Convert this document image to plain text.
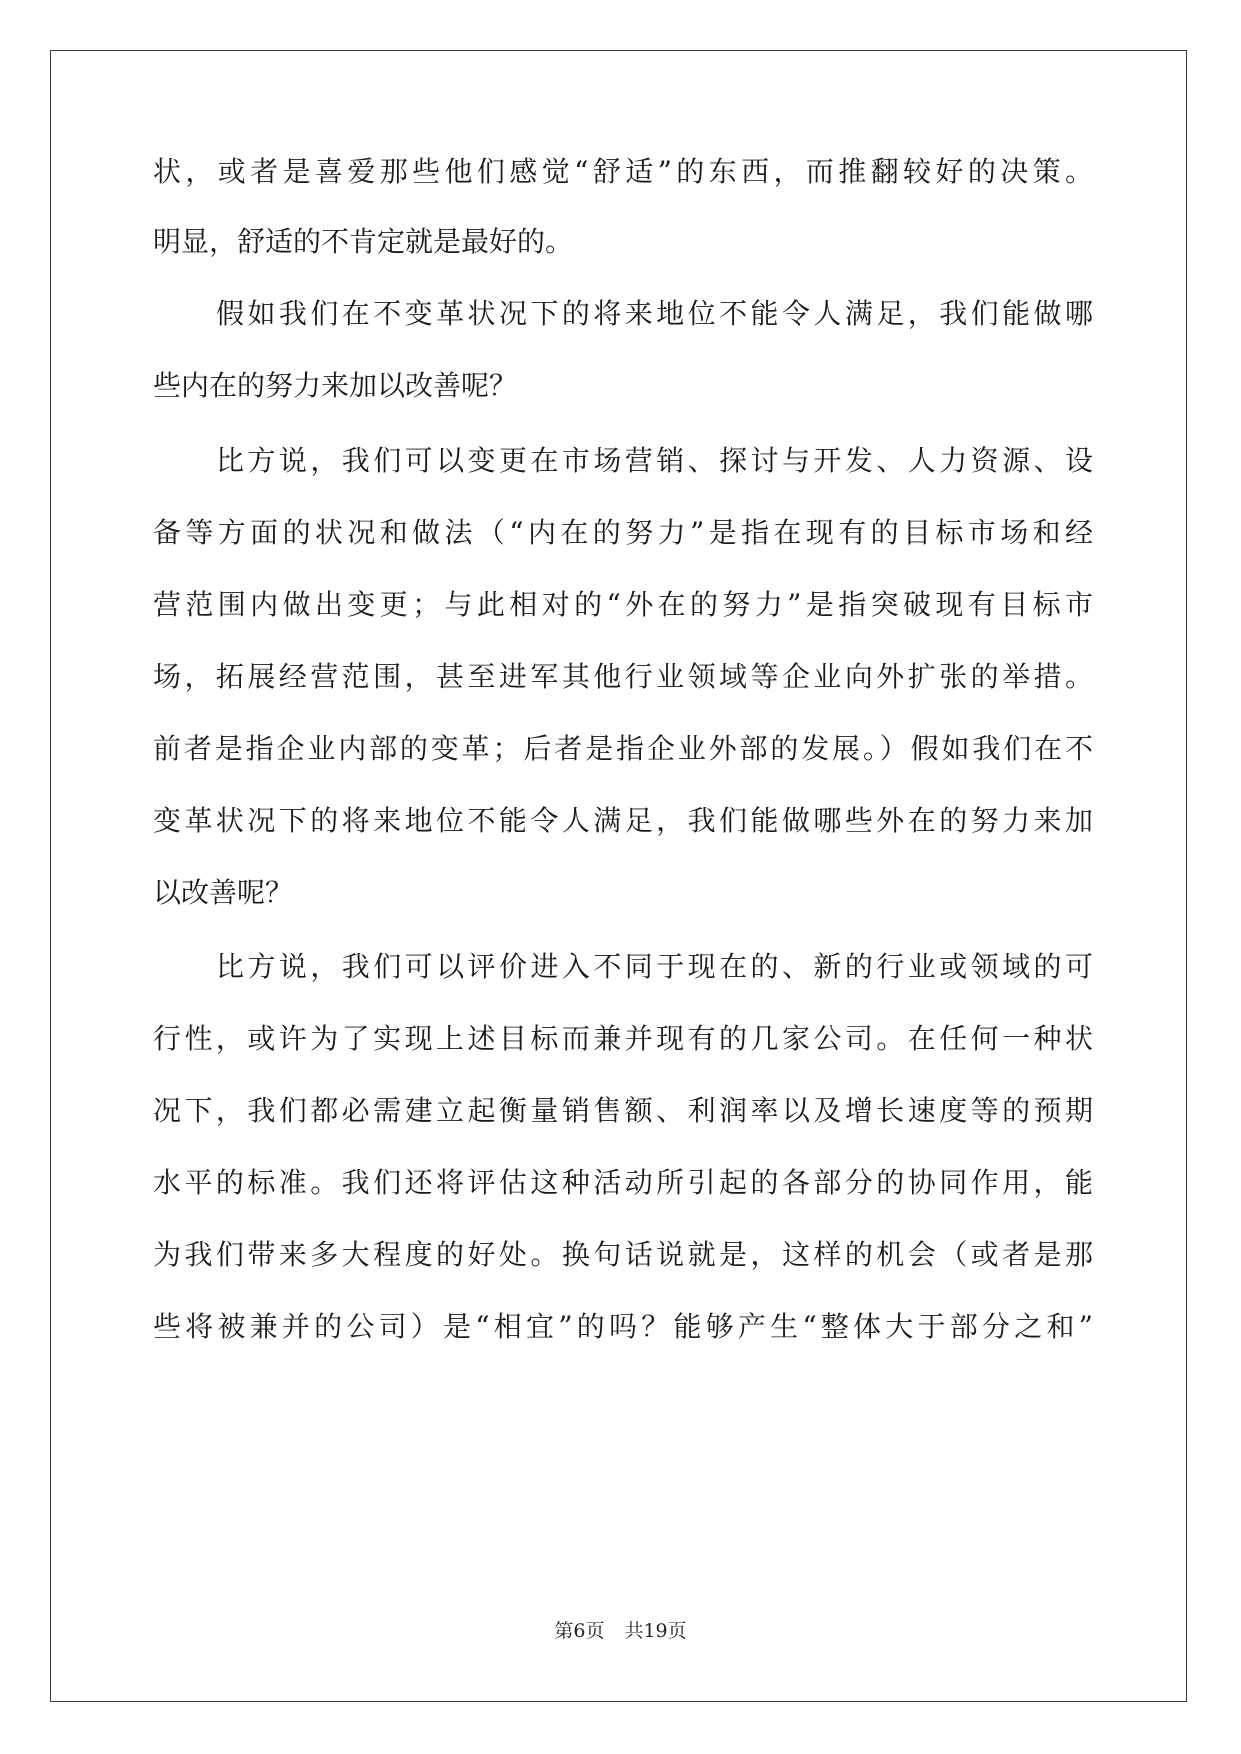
状，或者是喜爱那些他们感觉“舒适”的东西，而推翻较好的决策。
明显，舒适的不肯定就是最好的。
假如我们在不变革状况下的将来地位不能令人满足，我们能做哪
些内在的努力来加以改善呢？
比方说，我们可以变更在市场营销、探讨与开发、人力资源、设
备等方面的状况和做法（“内在的努力”是指在现有的目标市场和经
营范围内做出变更；与此相对的“外在的努力”是指突破现有目标市
场，拓展经营范围，甚至进军其他行业领域等企业向外扩张的举措。
前者是指企业内部的变革；后者是指企业外部的发展。）假如我们在不
变革状况下的将来地位不能令人满足，我们能做哪些外在的努力来加
以改善呢？
比方说，我们可以评价进入不同于现在的、新的行业或领域的可
行性，或许为了实现上述目标而兼并现有的几家公司。在任何一种状
况下，我们都必需建立起衡量销售额、利润率以及增长速度等的预期
水平的标准。我们还将评估这种活动所引起的各部分的协同作用，能
为我们带来多大程度的好处。换句话说就是，这样的机会（或者是那
些将被兼并的公司）是“相宜”的吗？能够产生“整体大于部分之和”
第6页 共19页
